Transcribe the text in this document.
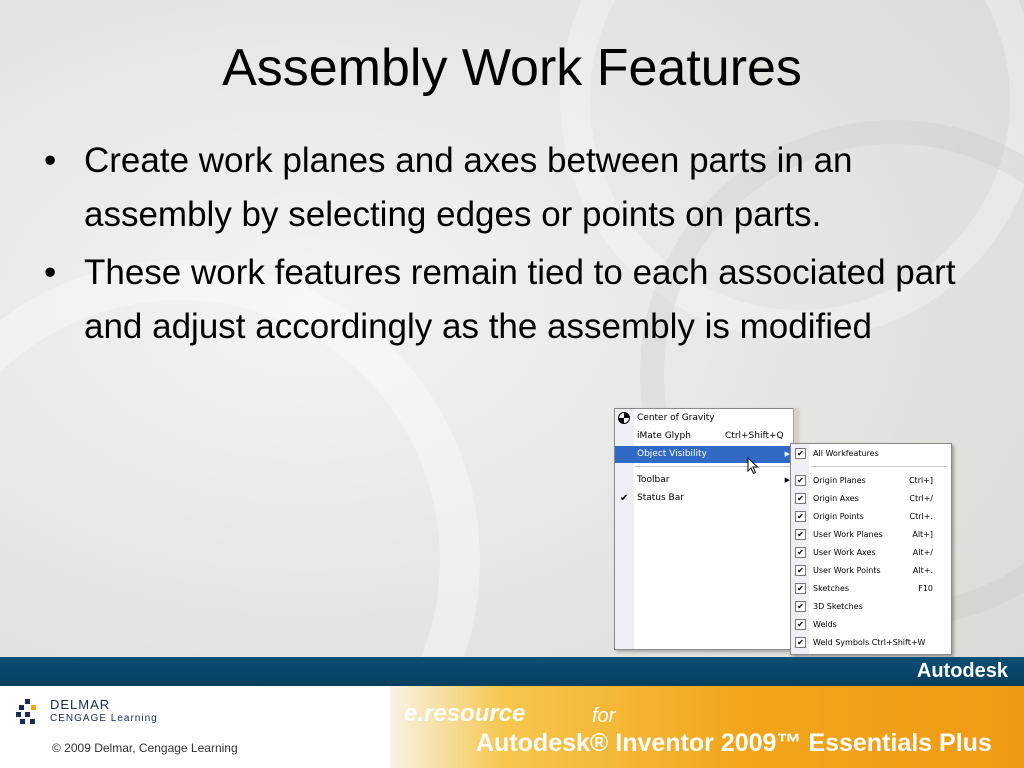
Assembly Work Features
• Create work planes and axes between parts in an assembly by selecting edges or points on parts.
• These work features remain tied to each associated part and adjust accordingly as the assembly is modified
Center of Gravity
iMate Glyph	Ctrl+Shift+Q
Object Visibility	▶
Toolbar	▶
✔ Status Bar
✔ All Workfeatures
✔ Origin Planes	Ctrl+]
✔ Origin Axes	Ctrl+/
✔ Origin Points	Ctrl+.
✔ User Work Planes	Alt+]
✔ User Work Axes	Alt+/
✔ User Work Points	Alt+.
✔ Sketches	F10
✔ 3D Sketches
✔ Welds
✔ Weld Symbols Ctrl+Shift+W
Autodesk
DELMAR
CENGAGE Learning
© 2009 Delmar, Cengage Learning
e.resource	for
Autodesk® Inventor 2009™ Essentials Plus
